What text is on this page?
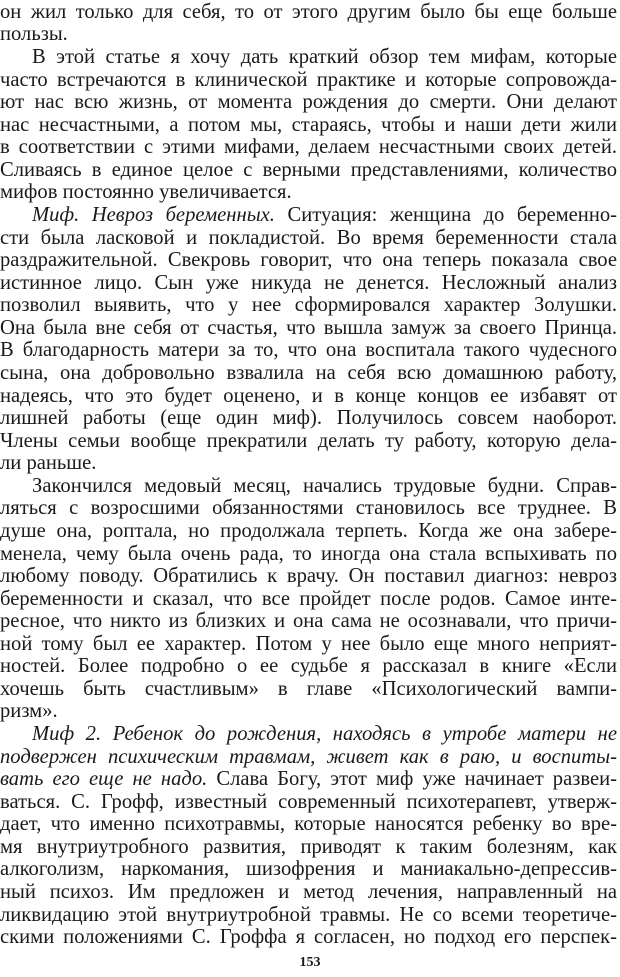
он жил только для себя, то от этого другим было бы еще больше
пользы.
В этой статье я хочу дать краткий обзор тем мифам, которые
часто встречаются в клинической практике и которые сопровожда-
ют нас всю жизнь, от момента рождения до смерти. Они делают
нас несчастными, а потом мы, стараясь, чтобы и наши дети жили
в соответствии с этими мифами, делаем несчастными своих детей.
Сливаясь в единое целое с верными представлениями, количество
мифов постоянно увеличивается.
Миф. Невроз беременных. Ситуация: женщина до беременно-
сти была ласковой и покладистой. Во время беременности стала
раздражительной. Свекровь говорит, что она теперь показала свое
истинное лицо. Сын уже никуда не денется. Несложный анализ
позволил выявить, что у нее сформировался характер Золушки.
Она была вне себя от счастья, что вышла замуж за своего Принца.
В благодарность матери за то, что она воспитала такого чудесного
сына, она добровольно взвалила на себя всю домашнюю работу,
надеясь, что это будет оценено, и в конце концов ее избавят от
лишней работы (еще один миф). Получилось совсем наоборот.
Члены семьи вообще прекратили делать ту работу, которую дела-
ли раньше.
Закончился медовый месяц, начались трудовые будни. Справ-
ляться с возросшими обязанностями становилось все труднее. В
душе она, роптала, но продолжала терпеть. Когда же она забере-
менела, чему была очень рада, то иногда она стала вспыхивать по
любому поводу. Обратились к врачу. Он поставил диагноз: невроз
беременности и сказал, что все пройдет после родов. Самое инте-
ресное, что никто из близких и она сама не осознавали, что причи-
ной тому был ее характер. Потом у нее было еще много неприят-
ностей. Более подробно о ее судьбе я рассказал в книге «Если
хочешь быть счастливым» в главе «Психологический вампи-
ризм».
Миф 2. Ребенок до рождения, находясь в утробе матери не
подвержен психическим травмам, живет как в раю, и воспиты-
вать его еще не надо. Слава Богу, этот миф уже начинает развеи-
ваться. С. Грофф, известный современный психотерапевт, утверж-
дает, что именно психотравмы, которые наносятся ребенку во вре-
мя внутриутробного развития, приводят к таким болезням, как
алкоголизм, наркомания, шизофрения и маниакально-депрессив-
ный психоз. Им предложен и метод лечения, направленный на
ликвидацию этой внутриутробной травмы. Не со всеми теоретиче-
скими положениями С. Гроффа я согласен, но подход его перспек-
153
